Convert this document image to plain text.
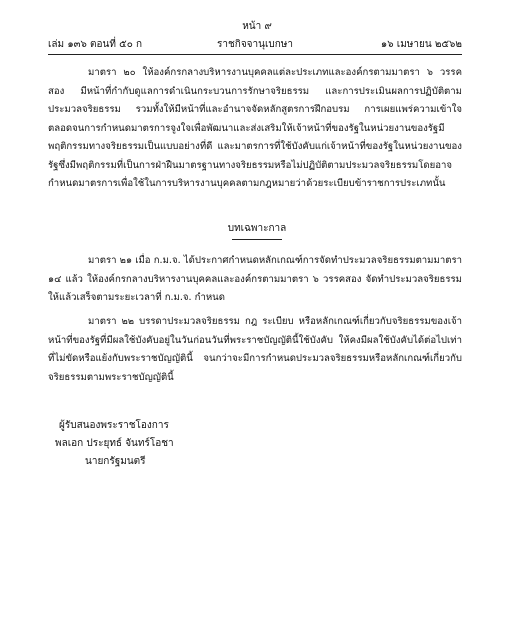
หน้า ๙
เล่ม ๑๓๖ ตอนที่ ๕๐ ก	ราชกิจจานุเบกษา	๑๖ เมษายน ๒๕๖๒
มาตรา ๒๐ ให้องค์กรกลางบริหารงานบุคคลแต่ละประเภทและองค์กรตามมาตรา ๖ วรรคสอง มีหน้าที่กำกับดูแลการดำเนินกระบวนการรักษาจริยธรรม และการประเมินผลการปฏิบัติตามประมวลจริยธรรม รวมทั้งให้มีหน้าที่และอำนาจจัดหลักสูตรการฝึกอบรม การเผยแพร่ความเข้าใจตลอดจนการกำหนดมาตรการจูงใจเพื่อพัฒนาและส่งเสริมให้เจ้าหน้าที่ของรัฐในหน่วยงานของรัฐมีพฤติกรรมทางจริยธรรมเป็นแบบอย่างที่ดี และมาตรการที่ใช้บังคับแก่เจ้าหน้าที่ของรัฐในหน่วยงานของรัฐซึ่งมีพฤติกรรมที่เป็นการฝ่าฝืนมาตรฐานทางจริยธรรมหรือไม่ปฏิบัติตามประมวลจริยธรรมโดยอาจกำหนดมาตรการเพื่อใช้ในการบริหารงานบุคคลตามกฎหมายว่าด้วยระเบียบข้าราชการประเภทนั้น
บทเฉพาะกาล
มาตรา ๒๑ เมื่อ ก.ม.จ. ได้ประกาศกำหนดหลักเกณฑ์การจัดทำประมวลจริยธรรมตามมาตรา ๑๔ แล้ว ให้องค์กรกลางบริหารงานบุคคลและองค์กรตามมาตรา ๖ วรรคสอง จัดทำประมวลจริยธรรมให้แล้วเสร็จตามระยะเวลาที่ ก.ม.จ. กำหนด
มาตรา ๒๒ บรรดาประมวลจริยธรรม กฎ ระเบียบ หรือหลักเกณฑ์เกี่ยวกับจริยธรรมของเจ้าหน้าที่ของรัฐที่มีผลใช้บังคับอยู่ในวันก่อนวันที่พระราชบัญญัตินี้ใช้บังคับ ให้คงมีผลใช้บังคับได้ต่อไปเท่าที่ไม่ขัดหรือแย้งกับพระราชบัญญัตินี้ จนกว่าจะมีการกำหนดประมวลจริยธรรมหรือหลักเกณฑ์เกี่ยวกับจริยธรรมตามพระราชบัญญัตินี้
ผู้รับสนองพระราชโองการ
พลเอก ประยุทธ์ จันทร์โอชา
นายกรัฐมนตรี
